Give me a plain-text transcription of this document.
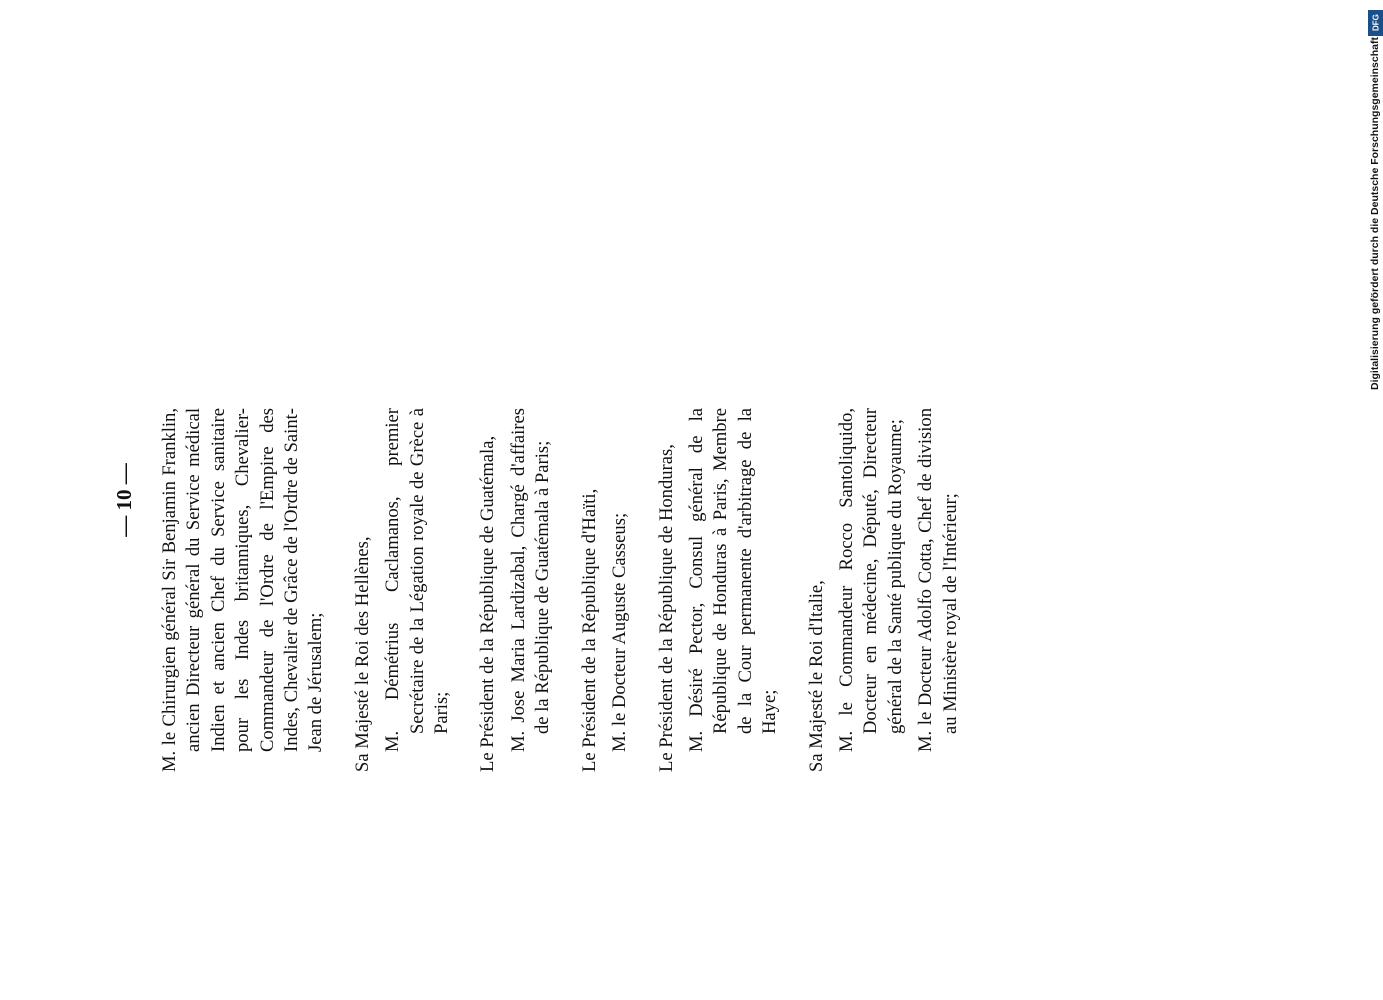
— 10 — M. le Chirurgien général Sir Benjamin Franklin, ancien Directeur général du Service médical Indien et ancien Chef du Service sanitaire pour les Indes britanniques, Chevalier-Commandeur de l'Ordre de l'Empire des Indes, Chevalier de Grâce de l'Ordre de Saint-Jean de Jérusalem; Sa Majesté le Roi des Hellènes, M. Démétrius Caclamanos, premier Secrétaire de la Légation royale de Grèce à Paris; Le Président de la République de Guatémala, M. Jose Maria Lardizabal, Chargé d'affaires de la République de Guatémala à Paris; Le Président de la République d'Haïti, M. le Docteur Auguste Casseus; Le Président de la République de Honduras, M. Désiré Pector, Consul général de la République de Honduras à Paris, Membre de la Cour permanente d'arbitrage de la Haye; Sa Majesté le Roi d'Italie, M. le Commandeur Rocco Santoliquido, Docteur en médecine, Député, Directeur général de la Santé publique du Royaume; M. le Docteur Adolfo Cotta, Chef de division au Ministère royal de l'Intérieur;

DFG
Digitalisierung gefördert durch die Deutsche Forschungsgemeinschaft
